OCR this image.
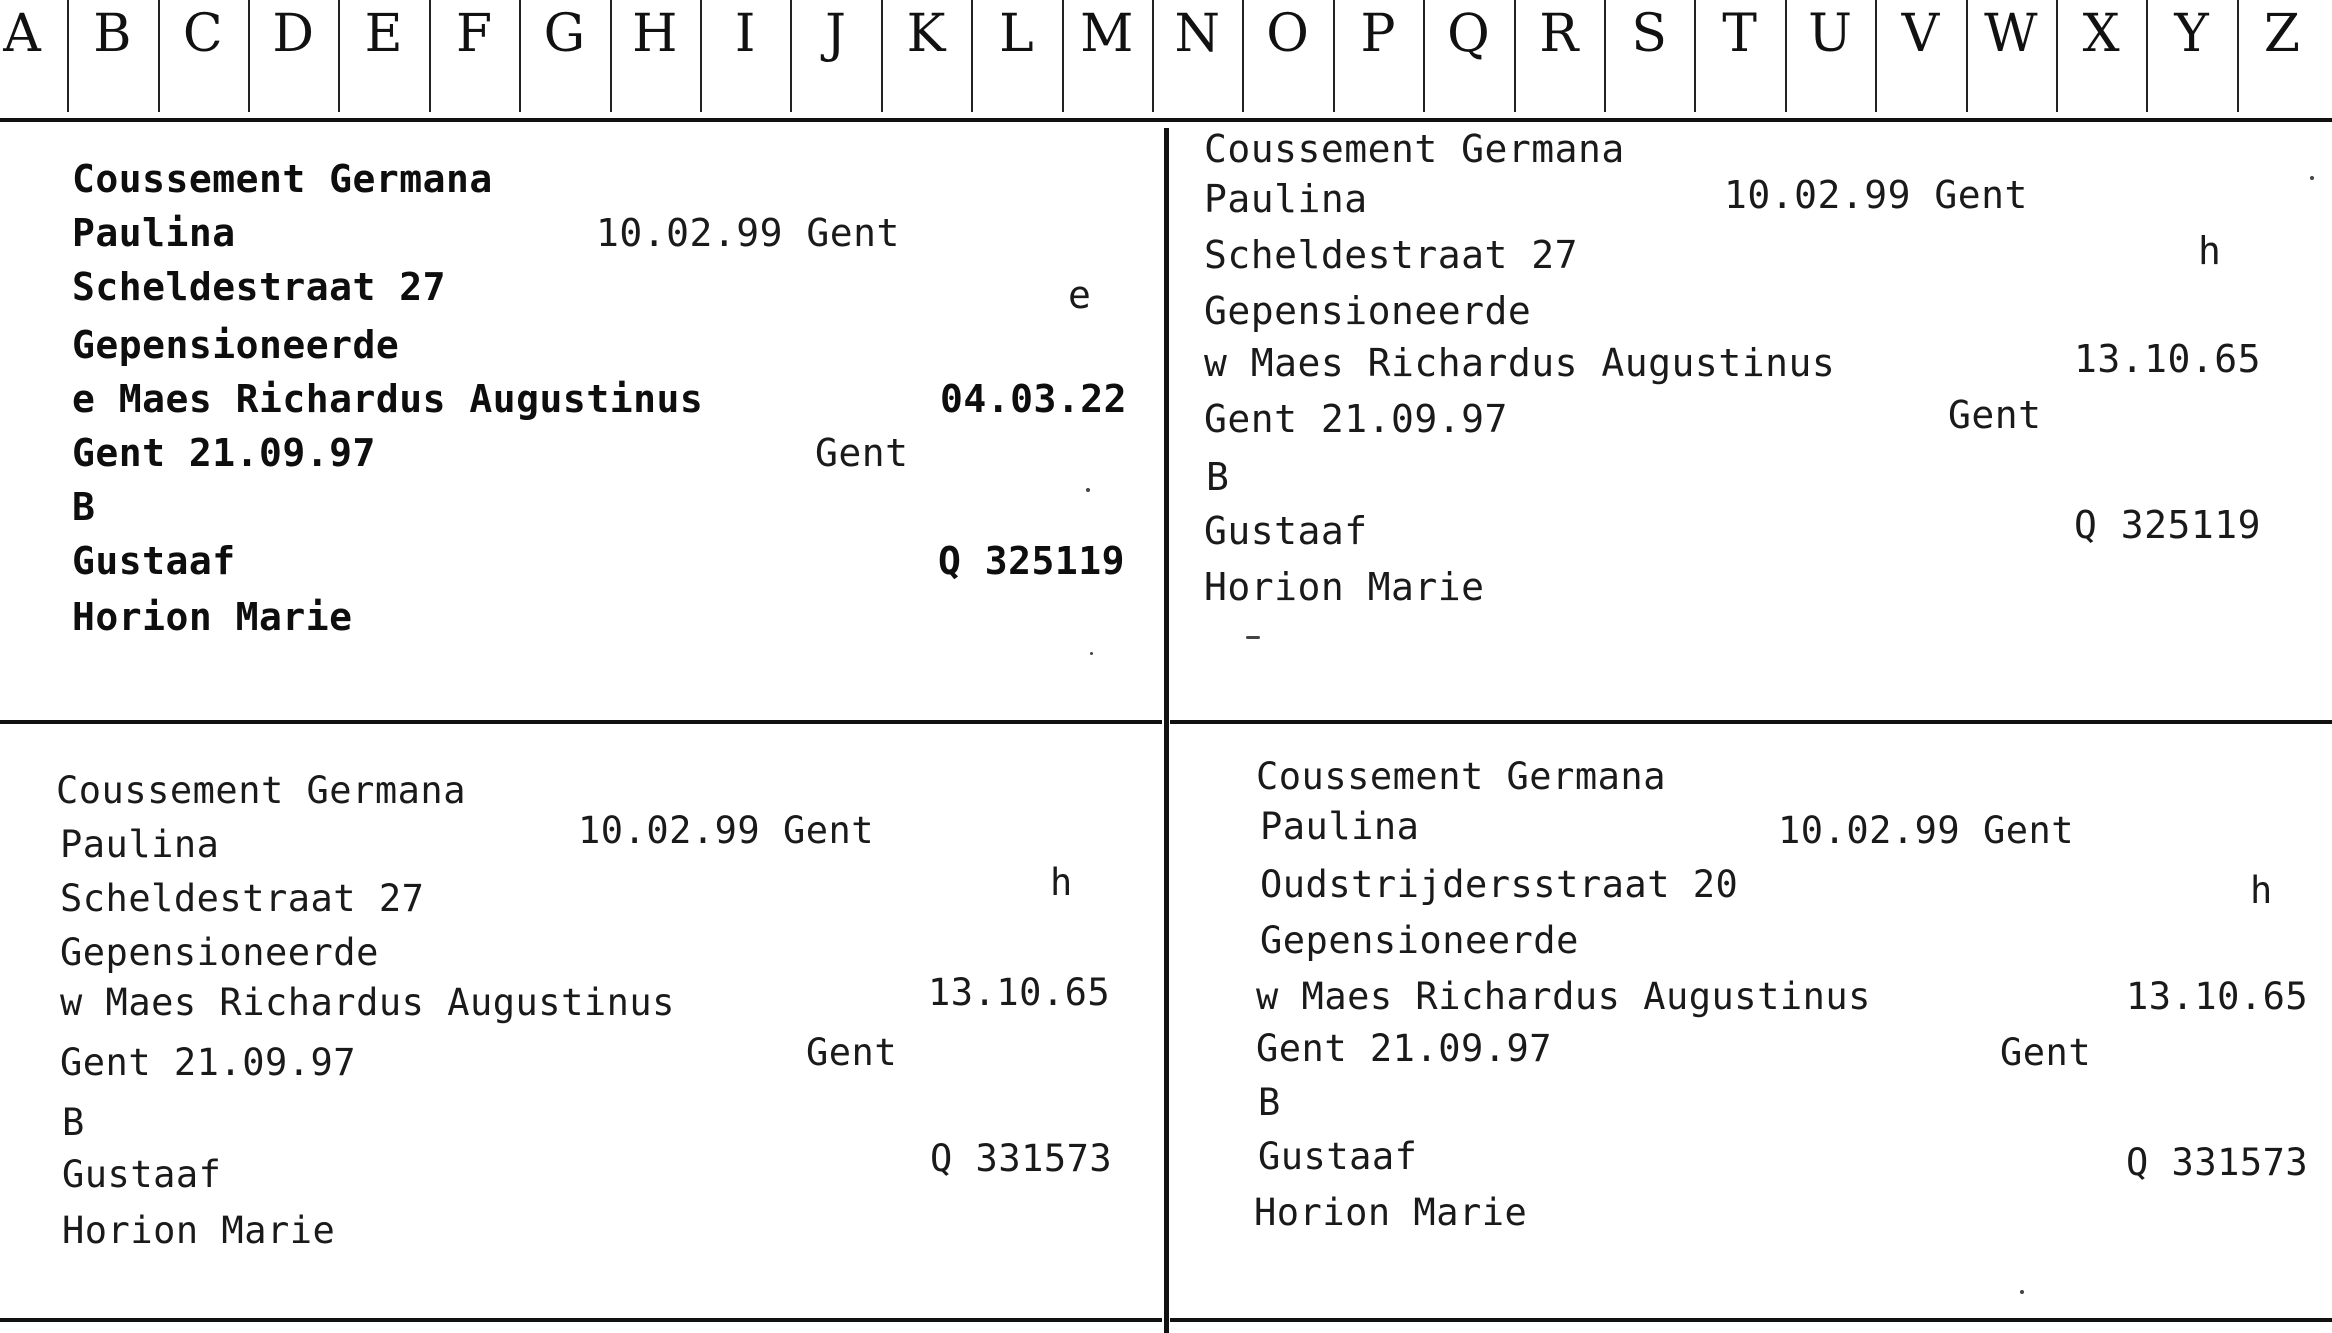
A	B C D E	F G H	I	J	K	L M N O P Q R	S	T U V W X	Y	Z
Coussement Germana
Paulina	10.02.99 Gent
Scheldestraat 27	e
Gepensioneerde
e Maes Richardus Augustinus	04.03.22
Gent 21.09.97	Gent
B
Gustaaf	Q 325119
Horion Marie
Coussement Germana
Paulina	10.02.99 Gent
Scheldestraat 27	h
Gepensioneerde
w Maes Richardus Augustinus	13.10.65
Gent 21.09.97	Gent
B
Gustaaf	Q 325119
Horion Marie
Coussement Germana
Paulina	10.02.99 Gent
Scheldestraat 27	h
Gepensioneerde
w Maes Richardus Augustinus	13.10.65
Gent 21.09.97	Gent
B
Gustaaf	Q 331573
Horion Marie
Coussement Germana
Paulina	10.02.99 Gent
Oudstrijdersstraat 20	h
Gepensioneerde
w Maes Richardus Augustinus	13.10.65
Gent 21.09.97	Gent
B
Gustaaf	Q 331573
Horion Marie
